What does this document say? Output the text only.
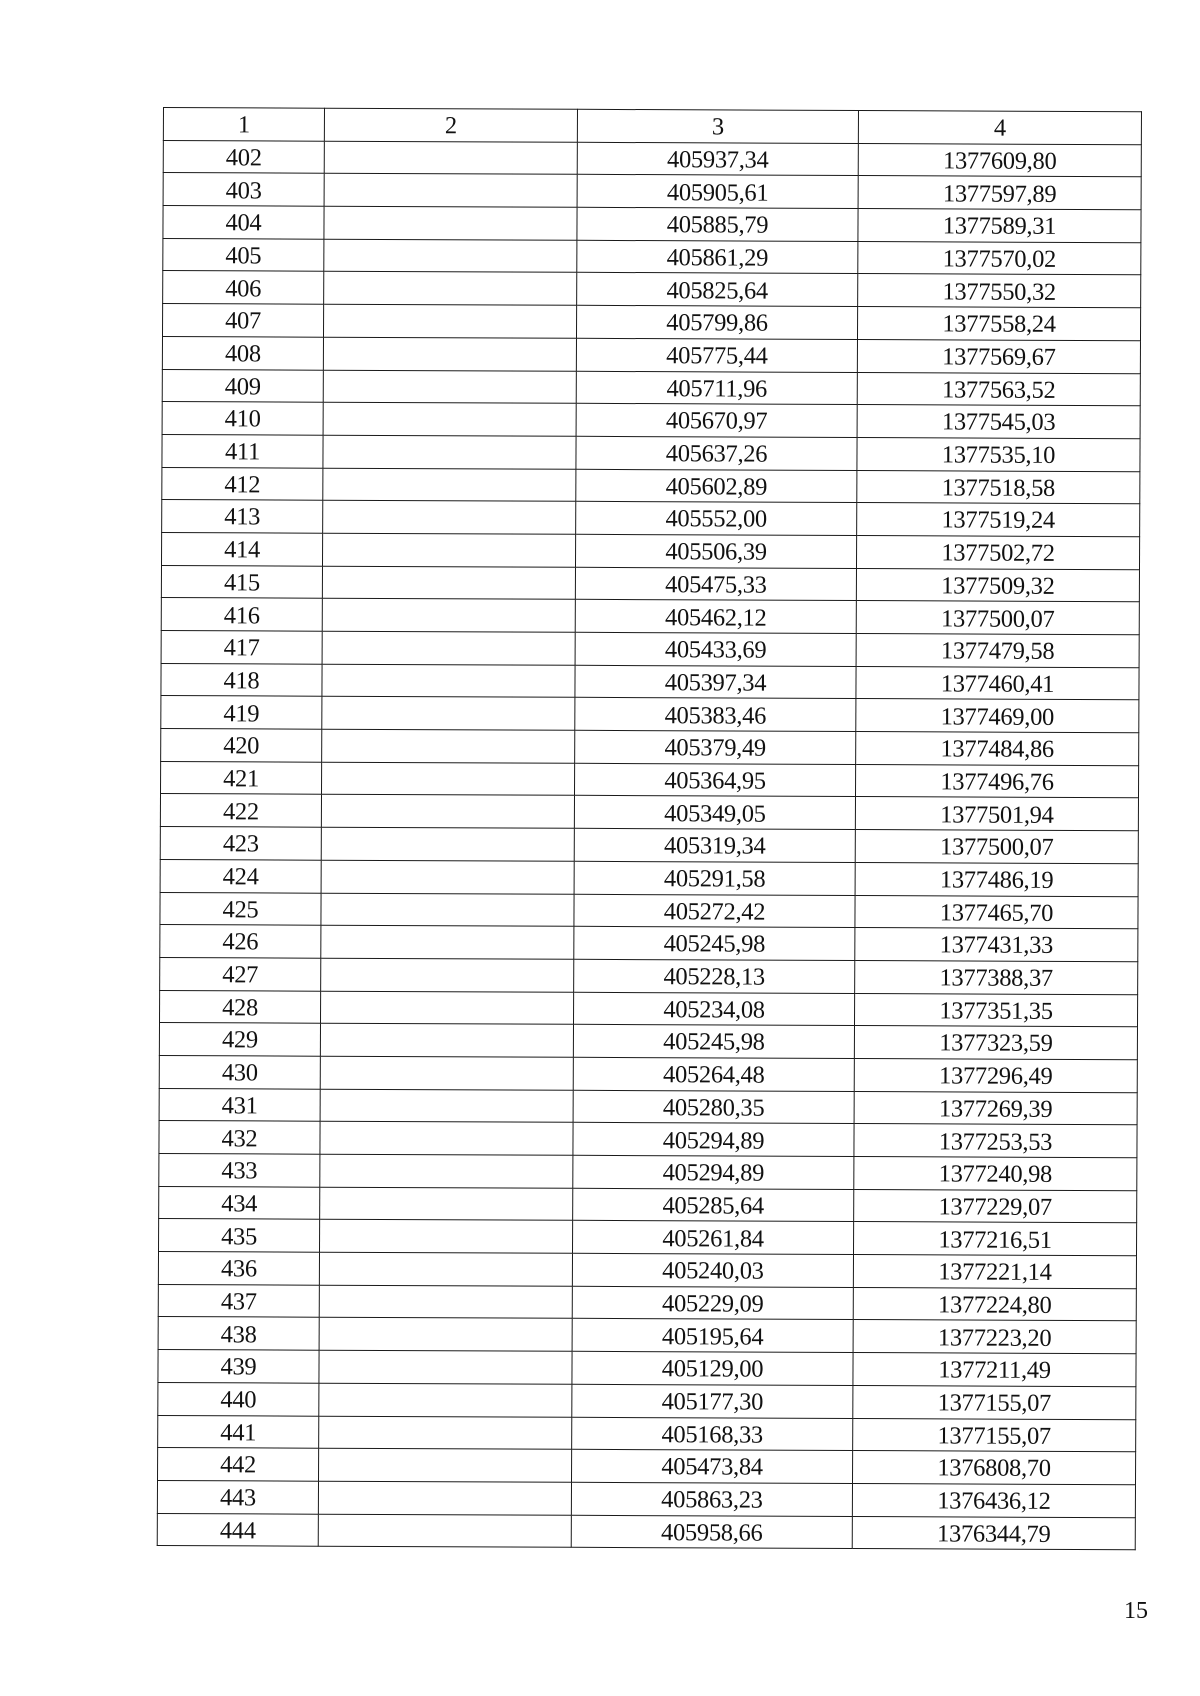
1	2	3	4
402		405937,34	1377609,80
403		405905,61	1377597,89
404		405885,79	1377589,31
405		405861,29	1377570,02
406		405825,64	1377550,32
407		405799,86	1377558,24
408		405775,44	1377569,67
409		405711,96	1377563,52
410		405670,97	1377545,03
411		405637,26	1377535,10
412		405602,89	1377518,58
413		405552,00	1377519,24
414		405506,39	1377502,72
415		405475,33	1377509,32
416		405462,12	1377500,07
417		405433,69	1377479,58
418		405397,34	1377460,41
419		405383,46	1377469,00
420		405379,49	1377484,86
421		405364,95	1377496,76
422		405349,05	1377501,94
423		405319,34	1377500,07
424		405291,58	1377486,19
425		405272,42	1377465,70
426		405245,98	1377431,33
427		405228,13	1377388,37
428		405234,08	1377351,35
429		405245,98	1377323,59
430		405264,48	1377296,49
431		405280,35	1377269,39
432		405294,89	1377253,53
433		405294,89	1377240,98
434		405285,64	1377229,07
435		405261,84	1377216,51
436		405240,03	1377221,14
437		405229,09	1377224,80
438		405195,64	1377223,20
439		405129,00	1377211,49
440		405177,30	1377155,07
441		405168,33	1377155,07
442		405473,84	1376808,70
443		405863,23	1376436,12
444		405958,66	1376344,79
15
